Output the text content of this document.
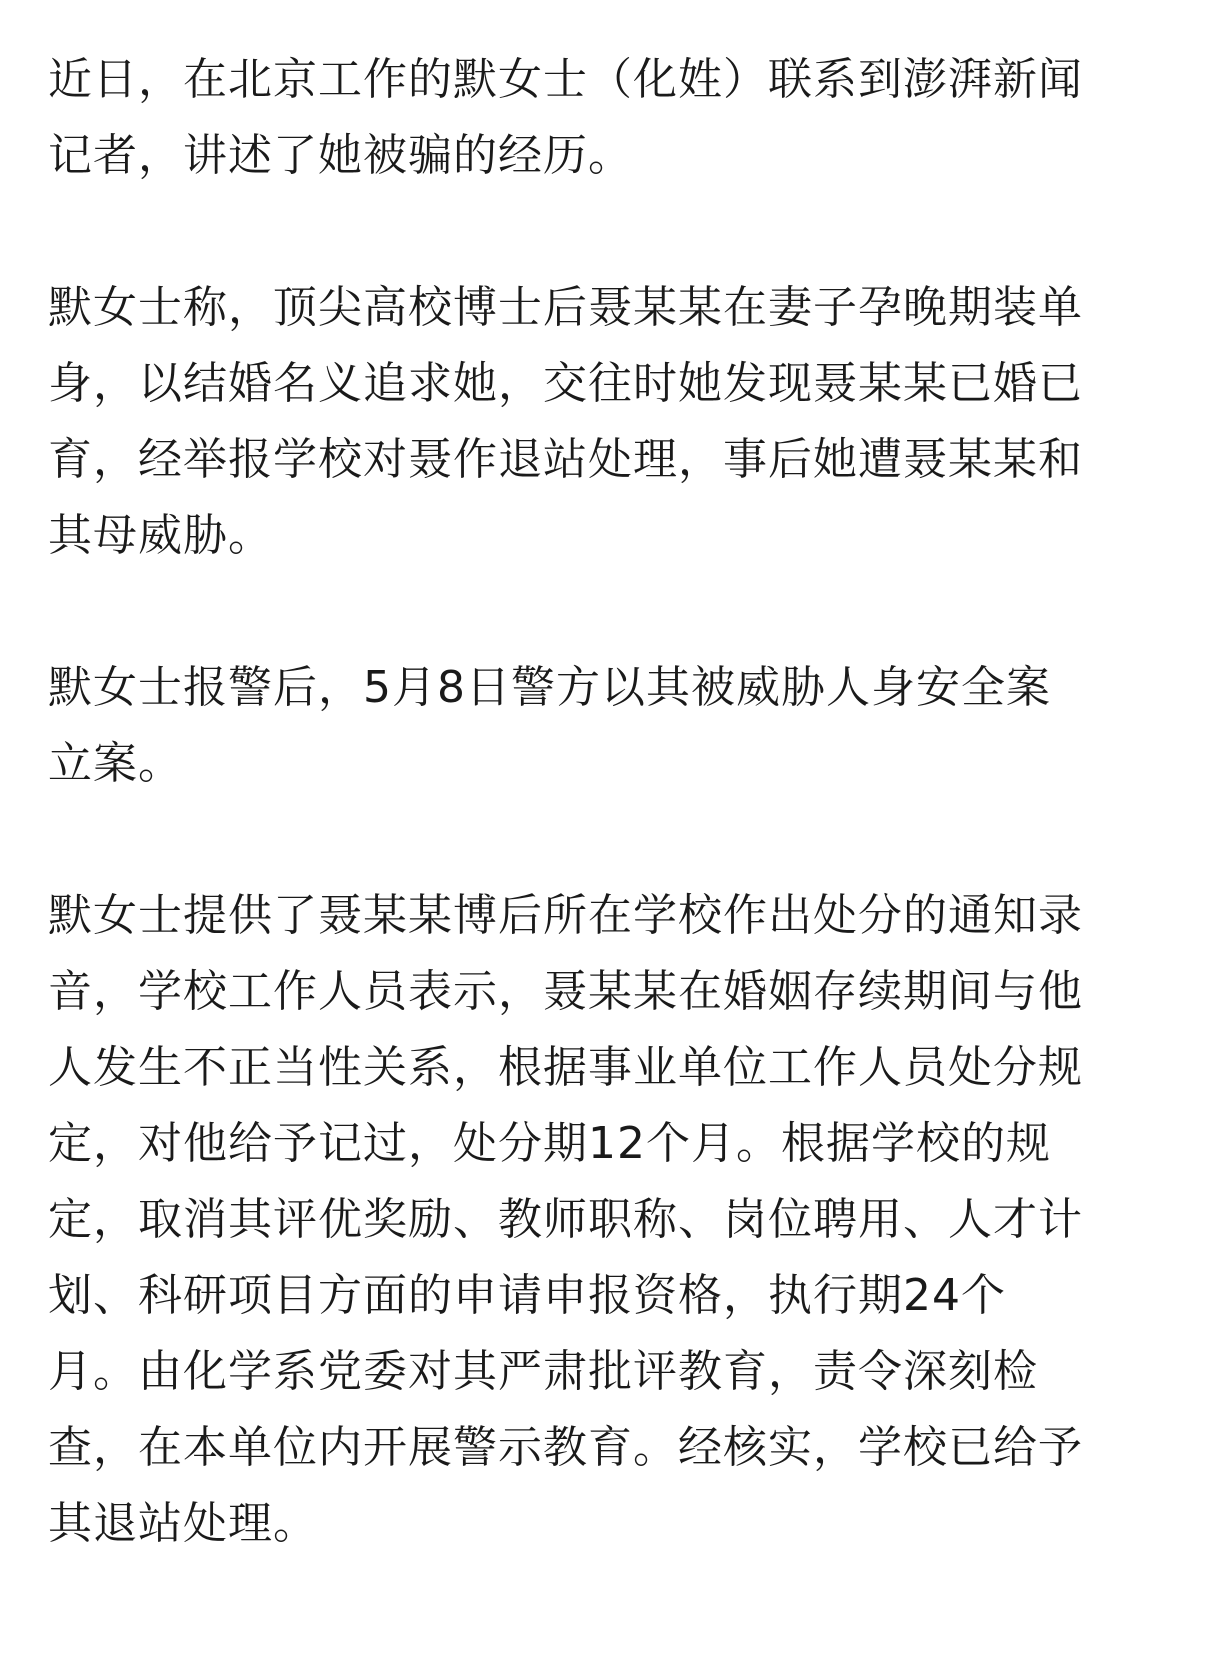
近日，在北京工作的默女士（化姓）联系到澎湃新闻
记者，讲述了她被骗的经历。
默女士称，顶尖高校博士后聂某某在妻子孕晚期装单
身，以结婚名义追求她，交往时她发现聂某某已婚已
育，经举报学校对聂作退站处理，事后她遭聂某某和
其母威胁。
默女士报警后，5月8日警方以其被威胁人身安全案
立案。
默女士提供了聂某某博后所在学校作出处分的通知录
音，学校工作人员表示，聂某某在婚姻存续期间与他
人发生不正当性关系，根据事业单位工作人员处分规
定，对他给予记过，处分期12个月。根据学校的规
定，取消其评优奖励、教师职称、岗位聘用、人才计
划、科研项目方面的申请申报资格，执行期24个
月。由化学系党委对其严肃批评教育，责令深刻检
查，在本单位内开展警示教育。经核实，学校已给予
其退站处理。
